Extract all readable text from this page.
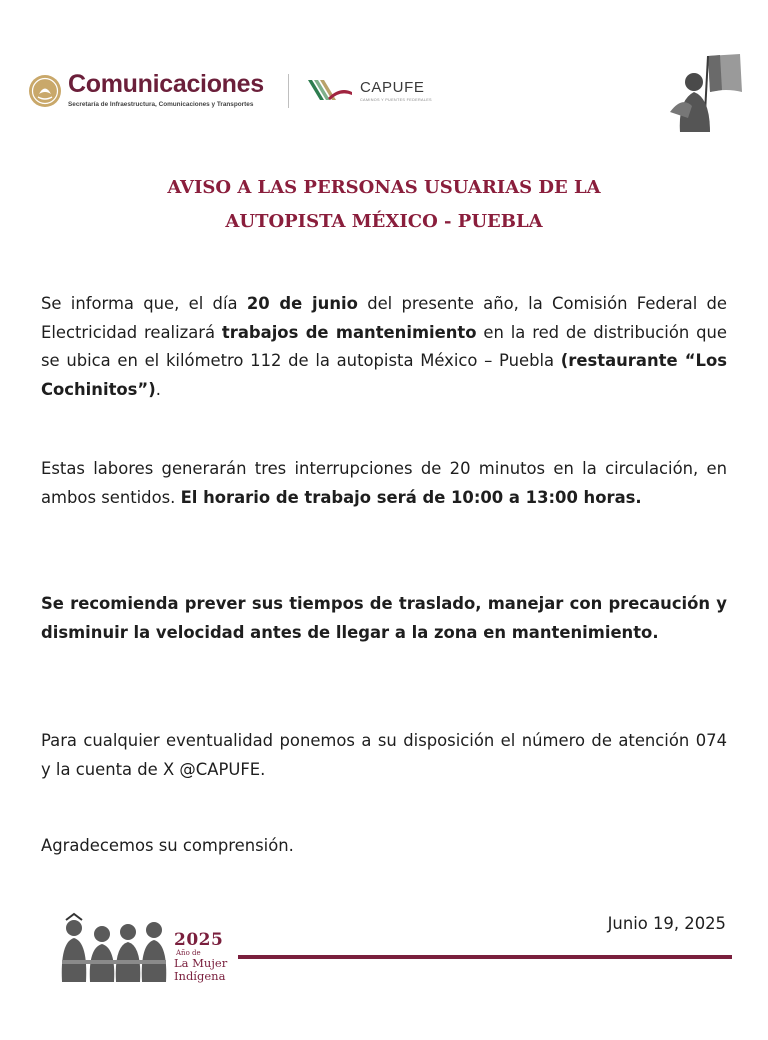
Comunicaciones
Secretaría de Infraestructura, Comunicaciones y Transportes
CAPUFE
CAMINOS Y PUENTES FEDERALES
AVISO A LAS PERSONAS USUARIAS DE LA
AUTOPISTA MÉXICO - PUEBLA
Se informa que, el día 20 de junio del presente año, la Comisión Federal de Electricidad realizará trabajos de mantenimiento en la red de distribución que se ubica en el kilómetro 112 de la autopista México – Puebla (restaurante “Los Cochinitos”).
Estas labores generarán tres interrupciones de 20 minutos en la circulación, en ambos sentidos. El horario de trabajo será de 10:00 a 13:00 horas.
Se recomienda prever sus tiempos de traslado, manejar con precaución y disminuir la velocidad antes de llegar a la zona en mantenimiento.
Para cualquier eventualidad ponemos a su disposición el número de atención 074 y la cuenta de X @CAPUFE.
Agradecemos su comprensión.
Junio 19, 2025
2025
Año de
La Mujer
Indígena
